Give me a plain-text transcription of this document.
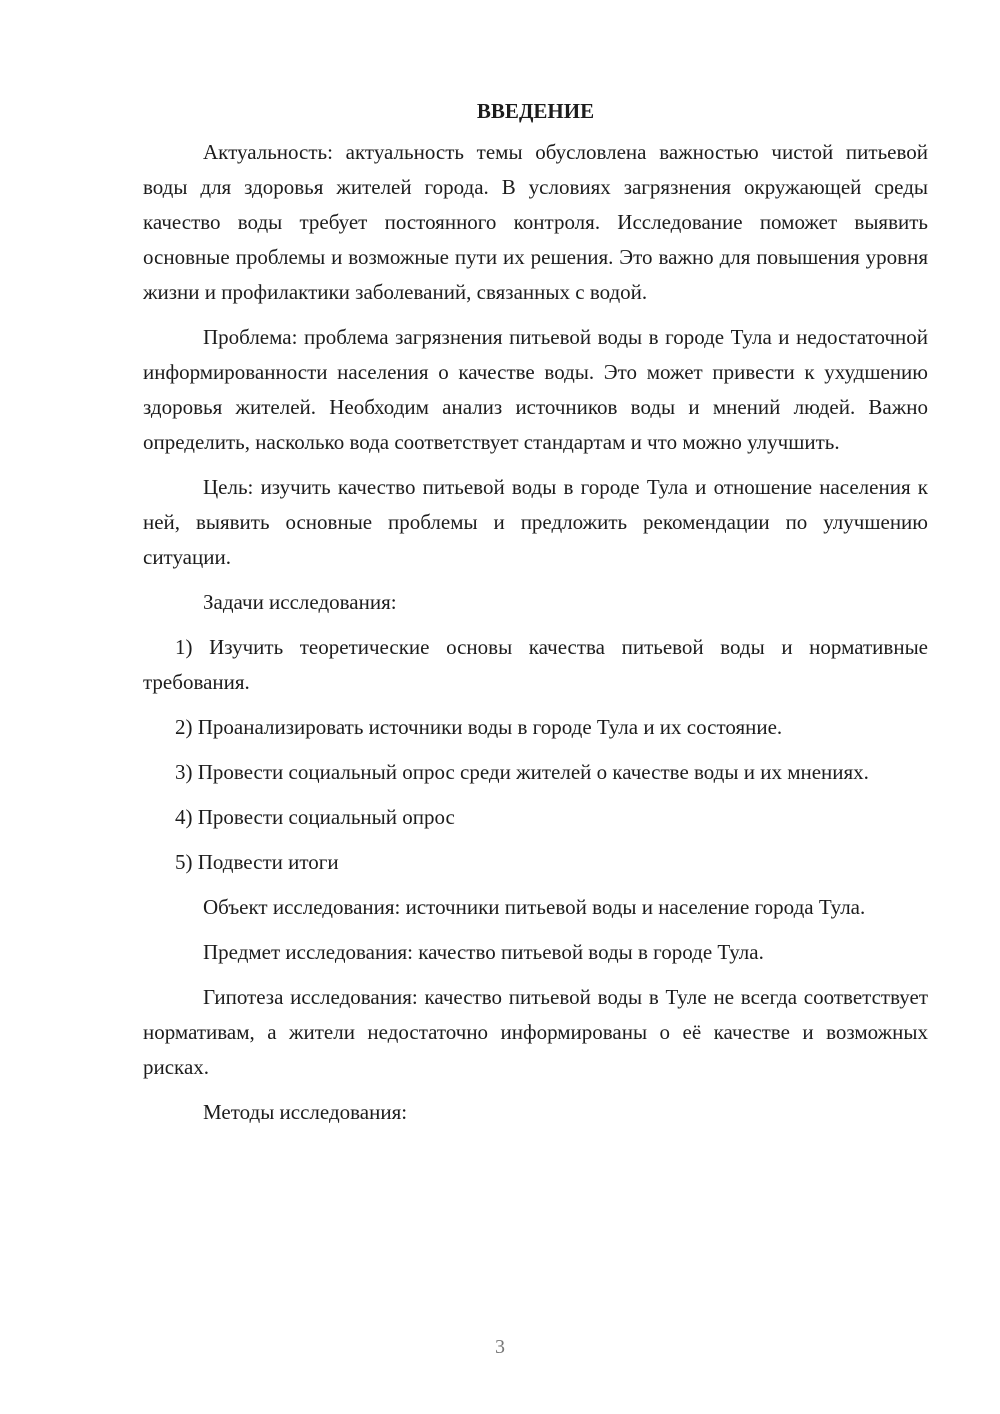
ВВЕДЕНИЕ

Актуальность: актуальность темы обусловлена важностью чистой питьевой воды для здоровья жителей города. В условиях загрязнения окружающей среды качество воды требует постоянного контроля. Исследование поможет выявить основные проблемы и возможные пути их решения. Это важно для повышения уровня жизни и профилактики заболеваний, связанных с водой.

Проблема: проблема загрязнения питьевой воды в городе Тула и недостаточной информированности населения о качестве воды. Это может привести к ухудшению здоровья жителей. Необходим анализ источников воды и мнений людей. Важно определить, насколько вода соответствует стандартам и что можно улучшить.

Цель: изучить качество питьевой воды в городе Тула и отношение населения к ней, выявить основные проблемы и предложить рекомендации по улучшению ситуации.

Задачи исследования:

1) Изучить теоретические основы качества питьевой воды и нормативные требования.

2) Проанализировать источники воды в городе Тула и их состояние.

3) Провести социальный опрос среди жителей о качестве воды и их мнениях.

4) Провести социальный опрос

5) Подвести итоги

Объект исследования: источники питьевой воды и население города Тула.

Предмет исследования: качество питьевой воды в городе Тула.

Гипотеза исследования: качество питьевой воды в Туле не всегда соответствует нормативам, а жители недостаточно информированы о её качестве и возможных рисках.

Методы исследования:

3
